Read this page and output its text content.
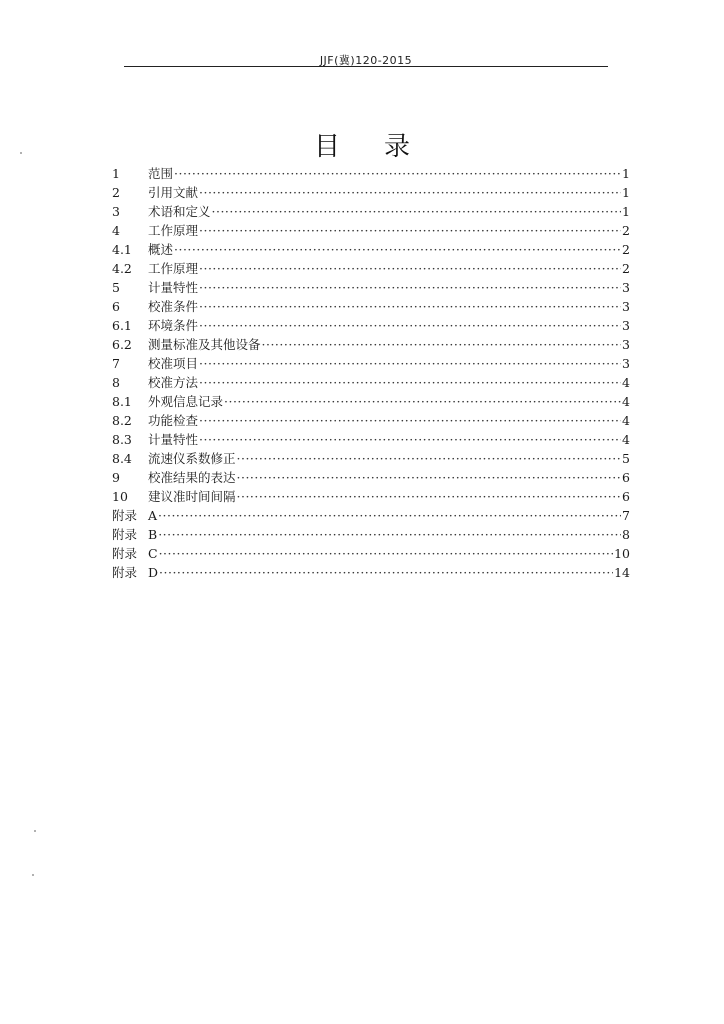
JJF(冀)120-2015
目录
1	范围 ·····	1
2	引用文献 ·····	1
3	术语和定义 ·····	1
4	工作原理 ·····	2
4.1	概述 ·····	2
4.2	工作原理 ·····	2
5	计量特性 ·····	3
6	校准条件 ·····	3
6.1	环境条件 ·····	3
6.2	测量标准及其他设备 ·····	3
7	校准项目 ·····	3
8	校准方法 ·····	4
8.1	外观信息记录 ·····	4
8.2	功能检查 ·····	4
8.3	计量特性 ·····	4
8.4	流速仪系数修正 ·····	5
9	校准结果的表达 ·····	6
10	建议准时间间隔 ·····	6
附录 A ·····	7
附录 B ·····	8
附录 C ·····	10
附录 D ·····	14
